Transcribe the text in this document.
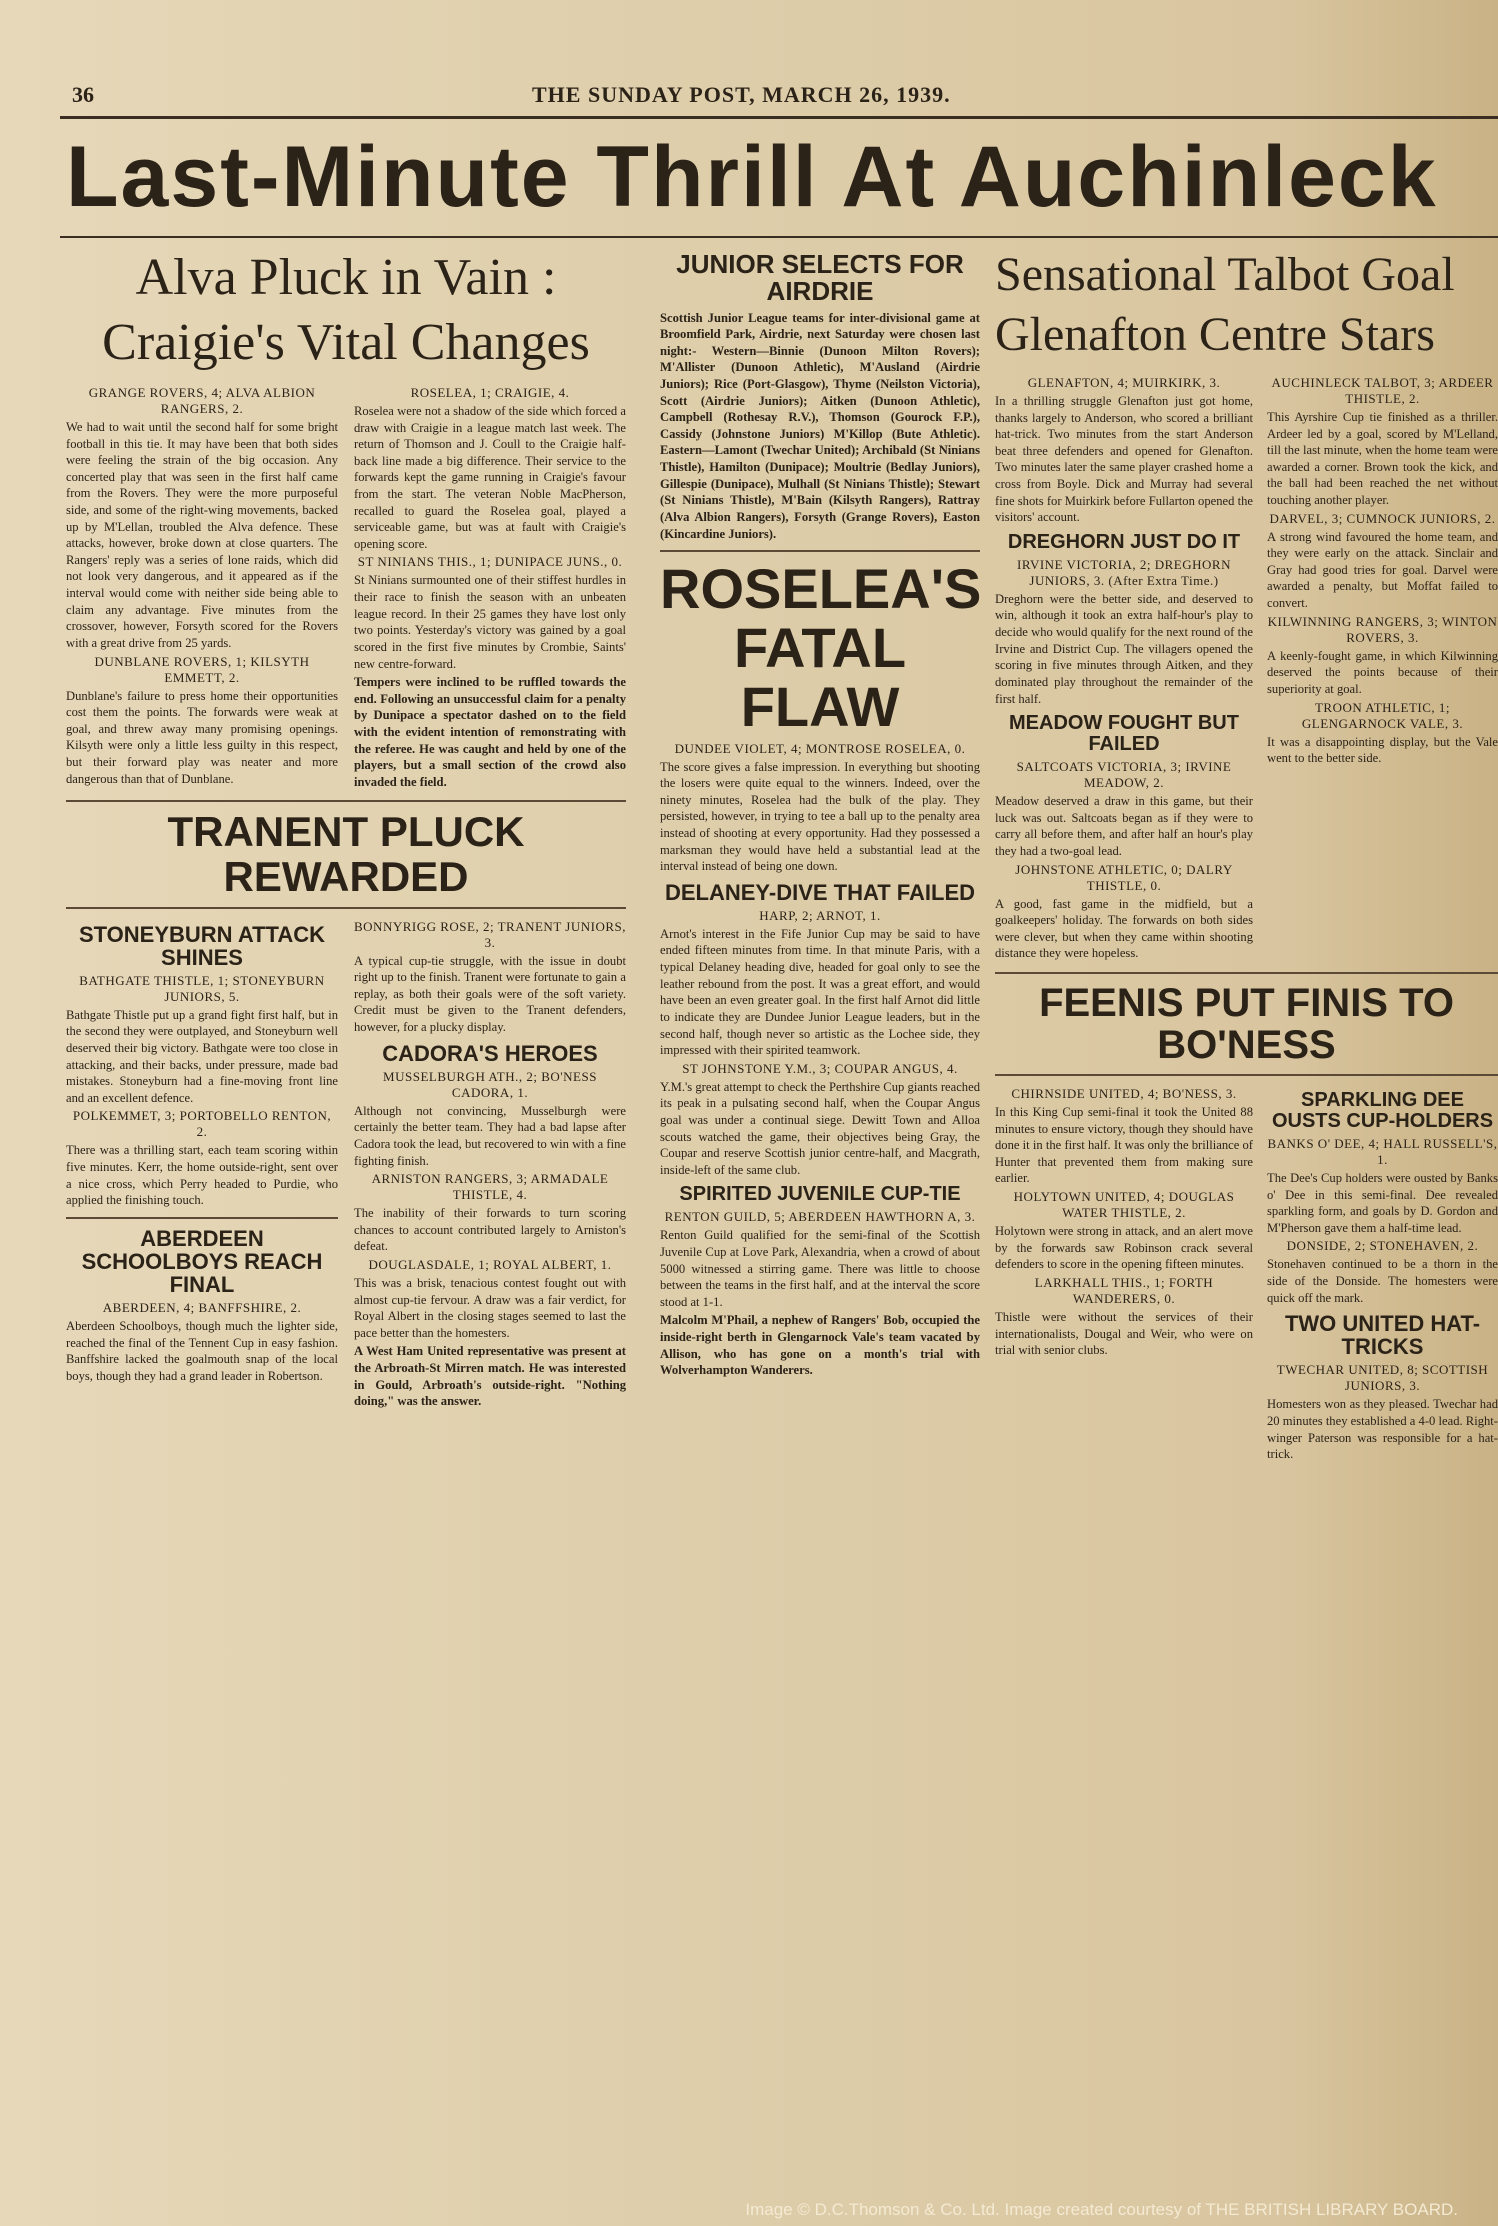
36	THE SUNDAY POST, MARCH 26, 1939.
Last-Minute Thrill At Auchinleck
Alva Pluck in Vain :
Craigie's Vital Changes
GRANGE ROVERS, 4; ALVA ALBION RANGERS, 2.

We had to wait until the second half for some bright football in this tie. It may have been that both sides were feeling the strain of the big occasion. Any concerted play that was seen in the first half came from the Rovers. They were the more purposeful side, and some of the right-wing movements, backed up by M'Lellan, troubled the Alva defence. These attacks, however, broke down at close quarters. The Rangers' reply was a series of lone raids, which did not look very dangerous, and it appeared as if the interval would come with neither side being able to claim any advantage. Five minutes from the crossover, however, Forsyth scored for the Rovers with a great drive from 25 yards.

DUNBLANE ROVERS, 1; KILSYTH EMMETT, 2.

Dunblane's failure to press home their opportunities cost them the points. The forwards were weak at goal, and threw away many promising openings. Kilsyth were only a little less guilty in this respect, but their forward play was neater and more dangerous than that of Dunblane.

ROSELEA, 1; CRAIGIE, 4.

Roselea were not a shadow of the side which forced a draw with Craigie in a league match last week. The return of Thomson and J. Coull to the Craigie half-back line made a big difference. Their service to the forwards kept the game running in Craigie's favour from the start. The veteran Noble MacPherson, recalled to guard the Roselea goal, played a serviceable game, but was at fault with Craigie's opening score.

ST NINIANS THIS., 1; DUNIPACE JUNS., 0.

St Ninians surmounted one of their stiffest hurdles in their race to finish the season with an unbeaten league record. In their 25 games they have lost only two points. Yesterday's victory was gained by a goal scored in the first five minutes by Crombie, Saints' new centre-forward.

Tempers were inclined to be ruffled towards the end. Following an unsuccessful claim for a penalty by Dunipace a spectator dashed on to the field with the evident intention of remonstrating with the referee. He was caught and held by one of the players, but a small section of the crowd also invaded the field.

TRANENT PLUCK REWARDED
STONEYBURN ATTACK SHINES
BATHGATE THISTLE, 1; STONEYBURN JUNIORS, 5.

Bathgate Thistle put up a grand fight first half, but in the second they were outplayed, and Stoneyburn well deserved their big victory. Bathgate were too close in attacking, and their backs, under pressure, made bad mistakes. Stoneyburn had a fine-moving front line and an excellent defence.

POLKEMMET, 3; PORTOBELLO RENTON, 2.

There was a thrilling start, each team scoring within five minutes. Kerr, the home outside-right, sent over a nice cross, which Perry headed to Purdie, who applied the finishing touch.

ABERDEEN SCHOOLBOYS REACH FINAL
ABERDEEN, 4; BANFFSHIRE, 2.

Aberdeen Schoolboys, though much the lighter side, reached the final of the Tennent Cup in easy fashion. Banffshire lacked the goalmouth snap of the local boys, though they had a grand leader in Robertson.

BONNYRIGG ROSE, 2; TRANENT JUNIORS, 3.

A typical cup-tie struggle, with the issue in doubt right up to the finish. Tranent were fortunate to gain a replay, as both their goals were of the soft variety. Credit must be given to the Tranent defenders, however, for a plucky display.

CADORA'S HEROES
MUSSELBURGH ATH., 2; BO'NESS CADORA, 1.

Although not convincing, Musselburgh were certainly the better team. They had a bad lapse after Cadora took the lead, but recovered to win with a fine fighting finish.

ARNISTON RANGERS, 3; ARMADALE THISTLE, 4.

The inability of their forwards to turn scoring chances to account contributed largely to Arniston's defeat.

DOUGLASDALE, 1; ROYAL ALBERT, 1.

This was a brisk, tenacious contest fought out with almost cup-tie fervour. A draw was a fair verdict, for Royal Albert in the closing stages seemed to last the pace better than the homesters.

A West Ham United representative was present at the Arbroath-St Mirren match. He was interested in Gould, Arbroath's outside-right. "Nothing doing," was the answer.

JUNIOR SELECTS FOR AIRDRIE

Scottish Junior League teams for inter-divisional game at Broomfield Park, Airdrie, next Saturday were chosen last night:- Western—Binnie (Dunoon Milton Rovers); M'Allister (Dunoon Athletic), M'Ausland (Airdrie Juniors); Rice (Port-Glasgow), Thyme (Neilston Victoria), Scott (Airdrie Juniors); Aitken (Dunoon Athletic), Campbell (Rothesay R.V.), Thomson (Gourock F.P.), Cassidy (Johnstone Juniors) M'Killop (Bute Athletic). Eastern—Lamont (Twechar United); Archibald (St Ninians Thistle), Hamilton (Dunipace); Moultrie (Bedlay Juniors), Gillespie (Dunipace), Mulhall (St Ninians Thistle); Stewart (St Ninians Thistle), M'Bain (Kilsyth Rangers), Rattray (Alva Albion Rangers), Forsyth (Grange Rovers), Easton (Kincardine Juniors).

ROSELEA'S FATAL FLAW
DUNDEE VIOLET, 4; MONTROSE ROSELEA, 0.

The score gives a false impression. In everything but shooting the losers were quite equal to the winners. Indeed, over the ninety minutes, Roselea had the bulk of the play. They persisted, however, in trying to tee a ball up to the penalty area instead of shooting at every opportunity. Had they possessed a marksman they would have held a substantial lead at the interval instead of being one down.

DELANEY-DIVE THAT FAILED
HARP, 2; ARNOT, 1.

Arnot's interest in the Fife Junior Cup may be said to have ended fifteen minutes from time. In that minute Paris, with a typical Delaney heading dive, headed for goal only to see the leather rebound from the post. It was a great effort, and would have been an even greater goal. In the first half Arnot did little to indicate they are Dundee Junior League leaders, but in the second half, though never so artistic as the Lochee side, they impressed with their spirited teamwork.

ST JOHNSTONE Y.M., 3; COUPAR ANGUS, 4.

Y.M.'s great attempt to check the Perthshire Cup giants reached its peak in a pulsating second half, when the Coupar Angus goal was under a continual siege. Dewitt Town and Alloa scouts watched the game, their objectives being Gray, the Coupar and reserve Scottish junior centre-half, and Macgrath, inside-left of the same club.

SPIRITED JUVENILE CUP-TIE
RENTON GUILD, 5; ABERDEEN HAWTHORN A, 3.

Renton Guild qualified for the semi-final of the Scottish Juvenile Cup at Love Park, Alexandria, when a crowd of about 5000 witnessed a stirring game. There was little to choose between the teams in the first half, and at the interval the score stood at 1-1.

Malcolm M'Phail, a nephew of Rangers' Bob, occupied the inside-right berth in Glengarnock Vale's team vacated by Allison, who has gone on a month's trial with Wolverhampton Wanderers.

Sensational Talbot Goal
Glenafton Centre Stars
GLENAFTON, 4; MUIRKIRK, 3.

In a thrilling struggle Glenafton just got home, thanks largely to Anderson, who scored a brilliant hat-trick. Two minutes from the start Anderson beat three defenders and opened for Glenafton. Two minutes later the same player crashed home a cross from Boyle. Dick and Murray had several fine shots for Muirkirk before Fullarton opened the visitors' account.

DREGHORN JUST DO IT
IRVINE VICTORIA, 2; DREGHORN JUNIORS, 3. (After Extra Time.)

Dreghorn were the better side, and deserved to win, although it took an extra half-hour's play to decide who would qualify for the next round of the Irvine and District Cup. The villagers opened the scoring in five minutes through Aitken, and they dominated play throughout the remainder of the first half.

MEADOW FOUGHT BUT FAILED
SALTCOATS VICTORIA, 3; IRVINE MEADOW, 2.

Meadow deserved a draw in this game, but their luck was out. Saltcoats began as if they were to carry all before them, and after half an hour's play they had a two-goal lead.

JOHNSTONE ATHLETIC, 0; DALRY THISTLE, 0.

A good, fast game in the midfield, but a goalkeepers' holiday. The forwards on both sides were clever, but when they came within shooting distance they were hopeless.

AUCHINLECK TALBOT, 3; ARDEER THISTLE, 2.

This Ayrshire Cup tie finished as a thriller. Ardeer led by a goal, scored by M'Lelland, till the last minute, when the home team were awarded a corner. Brown took the kick, and the ball had been reached the net without touching another player.

DARVEL, 3; CUMNOCK JUNIORS, 2.

A strong wind favoured the home team, and they were early on the attack. Sinclair and Gray had good tries for goal. Darvel were awarded a penalty, but Moffat failed to convert.

KILWINNING RANGERS, 3; WINTON ROVERS, 3.

A keenly-fought game, in which Kilwinning deserved the points because of their superiority at goal.

TROON ATHLETIC, 1; GLENGARNOCK VALE, 3.

It was a disappointing display, but the Vale went to the better side.

FEENIS PUT FINIS TO BO'NESS
CHIRNSIDE UNITED, 4; BO'NESS, 3.

In this King Cup semi-final it took the United 88 minutes to ensure victory, though they should have done it in the first half. It was only the brilliance of Hunter that prevented them from making sure earlier.

HOLYTOWN UNITED, 4; DOUGLAS WATER THISTLE, 2.

Holytown were strong in attack, and an alert move by the forwards saw Robinson crack several defenders to score in the opening fifteen minutes.

LARKHALL THIS., 1; FORTH WANDERERS, 0.

Thistle were without the services of their internationalists, Dougal and Weir, who were on trial with senior clubs.

SPARKLING DEE OUSTS CUP-HOLDERS
BANKS O' DEE, 4; HALL RUSSELL'S, 1.

The Dee's Cup holders were ousted by Banks o' Dee in this semi-final. Dee revealed sparkling form, and goals by D. Gordon and M'Pherson gave them a half-time lead.

DONSIDE, 2; STONEHAVEN, 2.

Stonehaven continued to be a thorn in the side of the Donside. The homesters were quick off the mark.

TWO UNITED HAT-TRICKS
TWECHAR UNITED, 8; SCOTTISH JUNIORS, 3.

Homesters won as they pleased. Twechar had 20 minutes they established a 4-0 lead. Right-winger Paterson was responsible for a hat-trick.

Image © D.C.Thomson & Co. Ltd. Image created courtesy of THE BRITISH LIBRARY BOARD.
